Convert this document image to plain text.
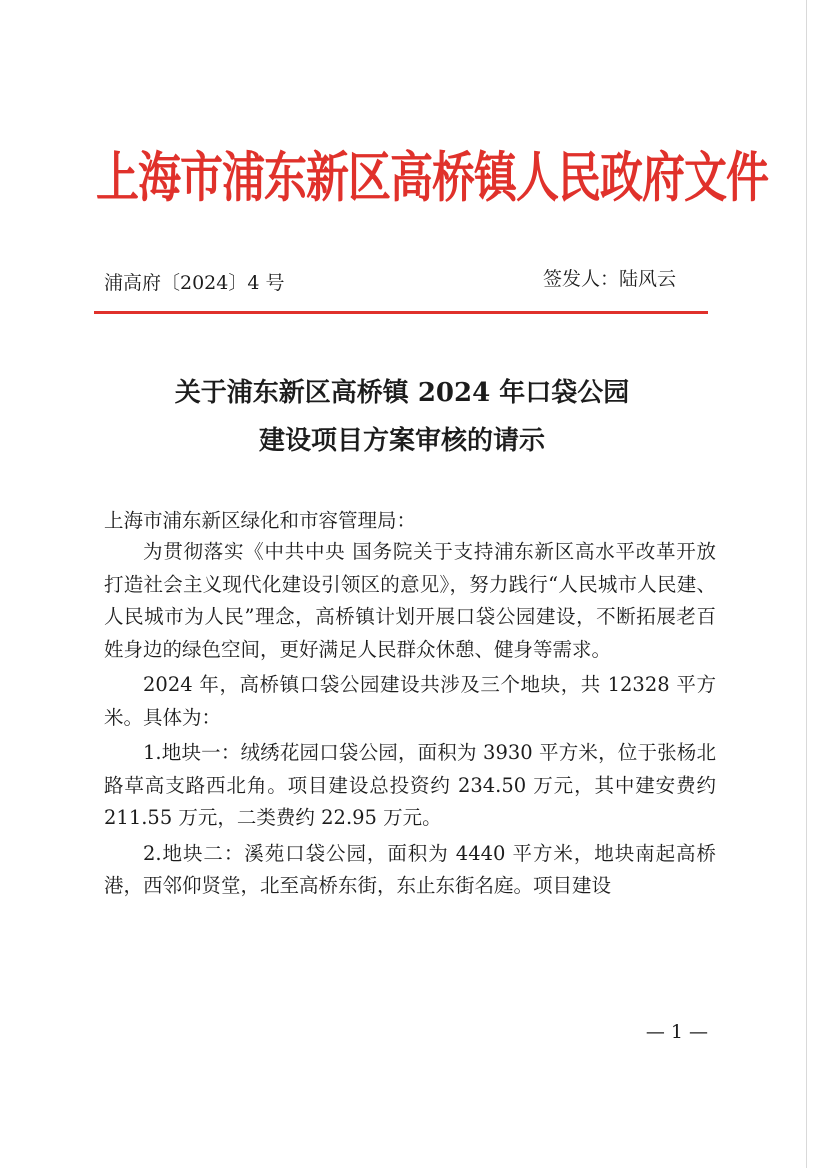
上海市浦东新区高桥镇人民政府文件
浦高府〔2024〕4 号	签发人：陆风云
关于浦东新区高桥镇 2024 年口袋公园
建设项目方案审核的请示
上海市浦东新区绿化和市容管理局：

为贯彻落实《中共中央 国务院关于支持浦东新区高水平改革开放 打造社会主义现代化建设引领区的意见》，努力践行“人民城市人民建、人民城市为人民”理念，高桥镇计划开展口袋公园建设，不断拓展老百姓身边的绿色空间，更好满足人民群众休憩、健身等需求。

2024 年，高桥镇口袋公园建设共涉及三个地块，共 12328 平方米。具体为：

1.地块一：绒绣花园口袋公园，面积为 3930 平方米，位于张杨北路草高支路西北角。项目建设总投资约 234.50 万元，其中建安费约 211.55 万元，二类费约 22.95 万元。

2.地块二：溪苑口袋公园，面积为 4440 平方米，地块南起高桥港，西邻仰贤堂，北至高桥东街，东止东街名庭。项目建设

— 1 —
